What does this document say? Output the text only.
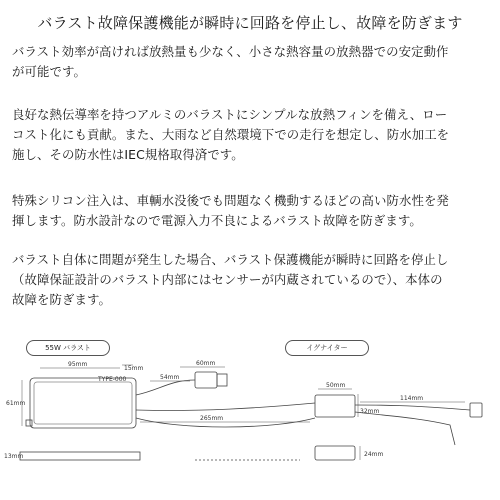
バラスト故障保護機能が瞬時に回路を停止し、故障を防ぎます
バラスト効率が高ければ放熱量も少なく、小さな熱容量の放熱器での安定動作
が可能です。
良好な熱伝導率を持つアルミのバラストにシンプルな放熱フィンを備え、ロー
コスト化にも貢献。また、大雨など自然環境下での走行を想定し、防水加工を
施し、その防水性はIEC規格取得済です。
特殊シリコン注入は、車輌水没後でも問題なく機動するほどの高い防水性を発
揮します。防水設計なので電源入力不良によるバラスト故障を防ぎます。
バラスト自体に問題が発生した場合、バラスト保護機能が瞬時に回路を停止し
（故障保証設計のバラスト内部にはセンサーが内蔵されているので）、本体の
故障を防ぎます。
55W バラスト	イグナイター
95mm
15mm
60mm
54mm
TYPE-000
61mm
265mm
13mm
50mm
114mm
32mm
24mm
